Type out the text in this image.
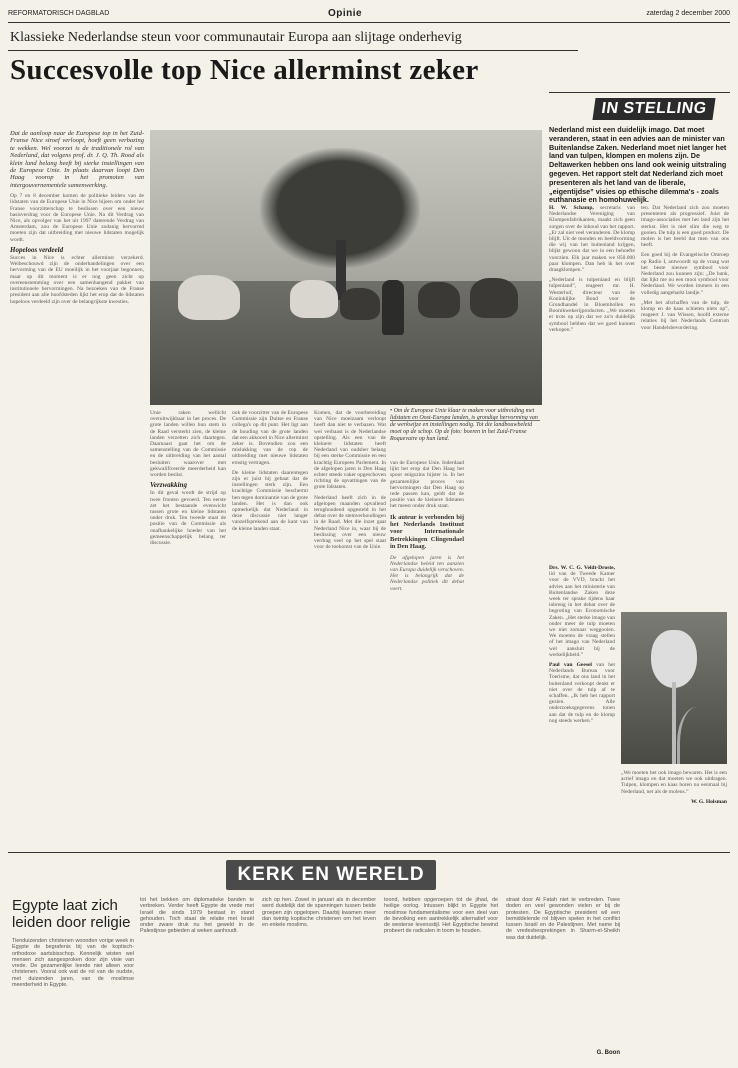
REFORMATORISCH DAGBLAD	Opinie	zaterdag 2 december 2000
Klassieke Nederlandse steun voor communautair Europa aan slijtage onderhevig
Succesvolle top Nice allerminst zeker

Dat de aanloop naar de Europese top in het Zuid-Franse Nice stroef verloopt, hoeft geen verbazing te wekken. Wel voorzei is de traditionele rol van Nederland, dat volgens prof. dr. J. Q. Th. Rood als klein land belang heeft bij sterke instellingen van de Europese Unie. In plaats daarvan loopt Den Haag voorop in het promoten van intergouvernementele samenwerking.

Op 7 en 8 december komen de politieke leiders van de lidstaten van de Europese Unie in Nice bijeen om onder het Franse voorzitterschap te beslissen over een nieuw basisverdrag voor de Europese Unie. Na dit Verdrag van Nice, als opvolger van het uit 1997 daterende Verdrag van Amsterdam, zou de Europese Unie zodanig hervormd moeten zijn dat uitbreiding met nieuwe lidstaten mogelijk wordt.

Hopeloos verdeeld

Succes in Nice is echter allerminst verzekerd. Welbeschouwd zijn de onderhandelingen over een hervorming van de EU moeilijk in het voorjaar begonnen, maar op dit moment is er nog geen zicht op overeenstemming over een samenhangend pakket van institutionele hervormingen. Na bezoeken van de Franse president aan alle hoofdsteden lijkt het erop dat de lidstaten hopeloos verdeeld zijn over de belangrijkste kwesties.

Unie raken wellicht overuitwijkbaar in het proces. De grote landen willen hun stem in de Raad versterkt zien, de kleine landen verzetten zich daartegen. Daarnaast gaat het om de samenstelling van de Commissie en de uitbreiding van het aantal besluiten waarover met gekwalificeerde meerderheid kan worden beslist.

Verzwakking

In dit geval wordt de strijd op twee fronten gevoerd. Ten eerste zet het bestaande evenwicht tussen grote en kleine lidstaten onder druk. Ten tweede staat de positie van de Commissie als onafhankelijke hoeder van het gemeenschappelijk belang ter discussie.

ook de voorzitter van de Europese Commissie zijn Duitse en Franse collega's op dit punt. Het ligt aan de houding van de grote landen dat een akkoord in Nice allerminst zeker is. Bovendien zou een mislukking van de top de uitbreiding met nieuwe lidstaten ernstig vertragen.

De kleine lidstaten daarentegen zijn er juist bij gebaat dat de instellingen sterk zijn. Een krachtige Commissie beschermt hen tegen dominantie van de grote landen. Het is dan ook opmerkelijk dat Nederland in deze discussie niet langer vanzelfsprekend aan de kant van de kleine landen staat.

Komen, dat de voorbereiding van Nice moeizaam verloopt hoeft dan niet te verbazen. Wat wel verbaast is de Nederlandse opstelling. Als een van de kleinere lidstaten heeft Nederland van oudsher belang bij een sterke Commissie en een krachtig Europees Parlement. In de afgelopen jaren is Den Haag echter steeds vaker opgeschoven richting de opvattingen van de grote lidstaten.

Nederland heeft zich in de afgelopen maanden opvallend terughoudend opgesteld in het debat over de stemverhoudingen in de Raad. Met die inzet gaat Nederland Nice in, waar bij de beslissing over een nieuw verdrag veel op het spel staat voor de toekomst van de Unie.

• Om de Europese Unie klaar te maken voor uitbreiding met lidstaten en Oost-Europa landen, is grondige hervorming van de werkwijze en instellingen nodig. Tot die landbouwbeleid moet op de schop. Op de foto: boeren in het Zuid-Franse Roquevaire op hun land.

van de Europese Unie. Inderdaad lijkt het erop dat Den Haag het spoor enigszins bijster is. In het gezamenlijke proces van hervormingen dat Den Haag op rede passen kan, geldt dat de positie van de kleinere lidstaten het meest onder druk staat.

Ik auteur is verbonden bij het Nederlands Instituut voor Internationale Betrekkingen Clingendael in Den Haag.

De afgelopen jaren is het Nederlandse beleid ten aanzien van Europa duidelijk verschoven. Het is belangrijk dat de Nederlandse politiek dit debat voert.

IN STELLING
Nederland mist een duidelijk imago. Dat moet veranderen, staat in een advies aan de minister van Buitenlandse Zaken. Nederland moet niet langer het land van tulpen, klompen en molens zijn. De Deltawerken hebben ons land ook weinig uitstraling gegeven. Het rapport stelt dat Nederland zich moet presenteren als het land van de liberale, „eigentijdse” visies op ethische dilemma's - zoals euthanasie en homohuwelijk.

H. W. Schamp, secretaris van Nederlandse Vereniging van Klompenfabrikanten, maakt zich geen zorgen over de inhoud van het rapport. „Er zal niet veel veranderen. De klomp blijft. Uit de monden en beeldvorming die wij van het buitenland krijgen, blijkt gewoon dat we in een behoefte voorzien. Elk jaar maken we 850.000 paar klompen. Dan heb ik het over draagklompen.”

„Nederland is tulpenland en blijft tulpenland”, reageert mr. H. Westerhof, directeur van de Koninklijke Bond voor de Grondhandel in Bloembollen en Boomkwekerijproducten. „We moeten er trots op zijn dat we zo'n duidelijk symbool hebben dat we goed kunnen verkopen.”

ten. Dat Nederland zich zou moeten presenteren als progressief. Juist de imago-associaties met het land zijn het sterkst. Het is niet slim die weg te gooien. De tulp is een goed product. De molen is het beeld dat men van ons heeft.

Een goed bij de Evangelische Omroep op Radio I, antwoordt op de vraag wat het beste nieuwe symbool voor Nederland zou kunnen zijn: „De bank, dat lijkt me nu een mooi symbool voor Nederland. We worden immers in een volledig aangeharkt landje.”

„Met het afschaffen van de tulp, de klomp en de kaas schieten niets op”, reageert J. van Wissen, hoofd externe relaties bij het Nederlands Centrum voor Handelsbevordering.

Drs. W. C. G. Veldt-Droste, lid van de Tweede Kamer voor de VVD, brackt het advies aan het ministerie van Buitenlandse Zaken deze week ter sprake tijdens haar inbreng in het debat over de begroting van Economische Zaken. „Het sterke imago van onder meer de tulp moeten we niet zomaar weggooien. We moeten de vraag stellen of het imago van Nederland wel aansluit bij de werkelijkheid.”

Paul van Geesel van het Nederlands Bureau voor Toerisme, dat ons land in het buitenland verkoopt denkt er niet over de tulp af te schaffen. „Ik heb het rapport gezien. Alle onderzoeksgegevens tonen aan dat de tulp en de klomp nog steeds werken.”

„We moeten het ook imago bewaren. Het is een actief imago en dat moeten we ook uitdragen. Tulpen, klompen en kaas horen nu eenmaal bij Nederland, net als de molens.”

W. G. Holsman

KERK EN WERELD
Egypte laat zich leiden door religie
Tienduizenden christenen woonden vorige week in Egypte de begrafenis bij van de koptisch-orthodoxe aartsbisschop. Kennelijk wisten wel mensen zich aangesproken door zijn visie van vrede. De gezamenlijke leerde niet alleen voor christenen. Vooral ook wat de rol van de oudste, met duizenden jaren, van de moslimse meerderheid in Egypte.
tot het bekken om diplomatieke banden te verbreken. Verder heeft Egypte de vrede met Israël die sinds 1979 bestaat in stand gehouden. Toch staat de relatie met Israël onder zware druk nu het geweld in de Palestijnse gebieden al weken aanhoudt.
zich op hen. Zowel in januari als in december werd duidelijk dat de spanningen tussen beide groepen zijn opgelopen. Daarbij kwamen meer dan twintig koptische christenen om het leven en enkele moslims.
toond, hebben opgeroepen tot de jihad, de heilige oorlog. Intussen blijkt in Egypte het moslimse fundamentalisme voor een deel van de bevolking een aantrekkelijk alternatief voor de westerse levensstijl. Het Egyptische bewind probeert de radicalen in toom te houden.
straat door Al Fatah niet te verbreden. Twee doden en veel gewonden vielen er bij de protesten. De Egyptische president wil een bemiddelende rol blijven spelen in het conflict tussen Israël en de Palestijnen. Met name bij de vredesbesprekingen in Sharm-el-Sheikh was dat duidelijk.
G. Boon
